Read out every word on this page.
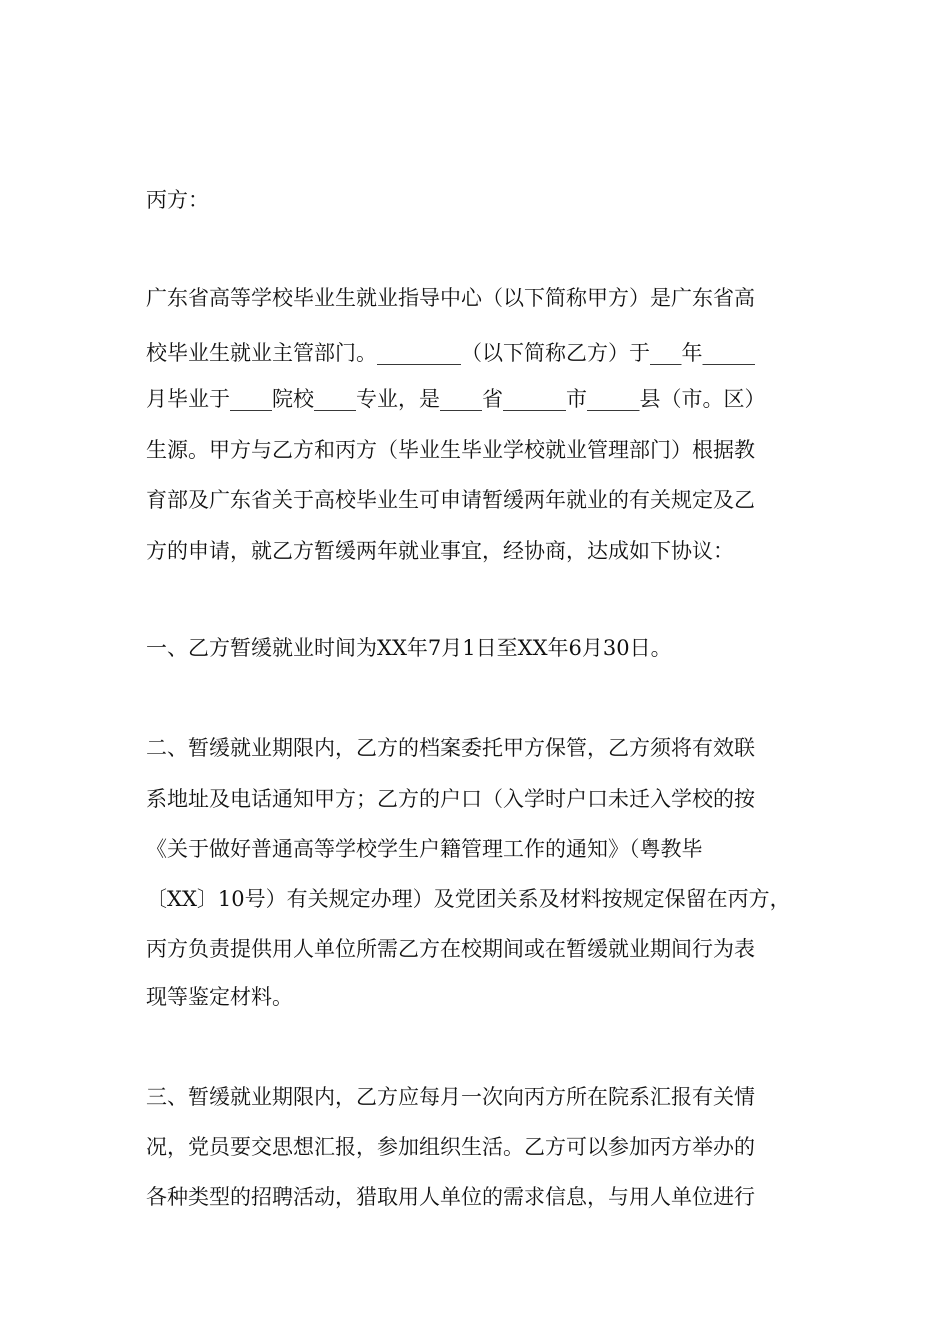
丙方：
广东省高等学校毕业生就业指导中心（以下简称甲方）是广东省高
校毕业生就业主管部门。________（以下简称乙方）于___年_____
月毕业于____院校____专业，是____省______市_____县（市。区）
生源。甲方与乙方和丙方（毕业生毕业学校就业管理部门）根据教
育部及广东省关于高校毕业生可申请暂缓两年就业的有关规定及乙
方的申请，就乙方暂缓两年就业事宜，经协商，达成如下协议：
一、乙方暂缓就业时间为XX年7月1日至XX年6月30日。
二、暂缓就业期限内，乙方的档案委托甲方保管，乙方须将有效联
系地址及电话通知甲方；乙方的户口（入学时户口未迁入学校的按
《关于做好普通高等学校学生户籍管理工作的通知》（粤教毕
〔XX〕10号）有关规定办理）及党团关系及材料按规定保留在丙方，
丙方负责提供用人单位所需乙方在校期间或在暂缓就业期间行为表
现等鉴定材料。
三、暂缓就业期限内，乙方应每月一次向丙方所在院系汇报有关情
况，党员要交思想汇报，参加组织生活。乙方可以参加丙方举办的
各种类型的招聘活动，猎取用人单位的需求信息，与用人单位进行
